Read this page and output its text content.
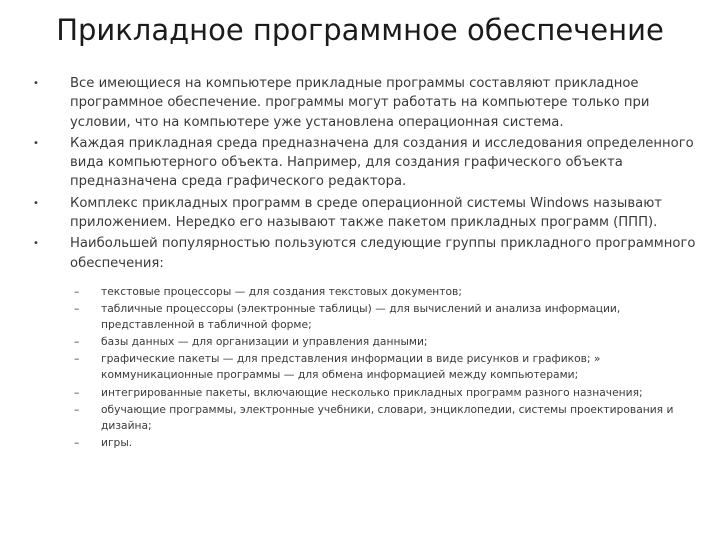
Прикладное программное обеспечение
• Все имеющиеся на компьютере прикладные программы составляют прикладное программное обеспечение. программы могут работать на компьютере только при условии, что на компьютере уже установлена операционная система.
• Каждая прикладная среда предназначена для создания и исследования определенного вида компьютерного объекта. Например, для создания графического объекта предназначена среда графического редактора.
• Комплекс прикладных программ в среде операционной системы Windows называют приложением. Нередко его называют также пакетом прикладных программ (ППП).
• Наибольшей популярностью пользуются следующие группы прикладного программного обеспечения:
– текстовые процессоры — для создания текстовых документов;
– табличные процессоры (электронные таблицы) — для вычислений и анализа информации, представленной в табличной форме;
– базы данных — для организации и управления данными;
– графические пакеты — для представления информации в виде рисунков и графиков; » коммуникационные программы — для обмена информацией между компьютерами;
– интегрированные пакеты, включающие несколько прикладных программ разного назначения;
– обучающие программы, электронные учебники, словари, энциклопедии, системы проектирования и дизайна;
– игры.
